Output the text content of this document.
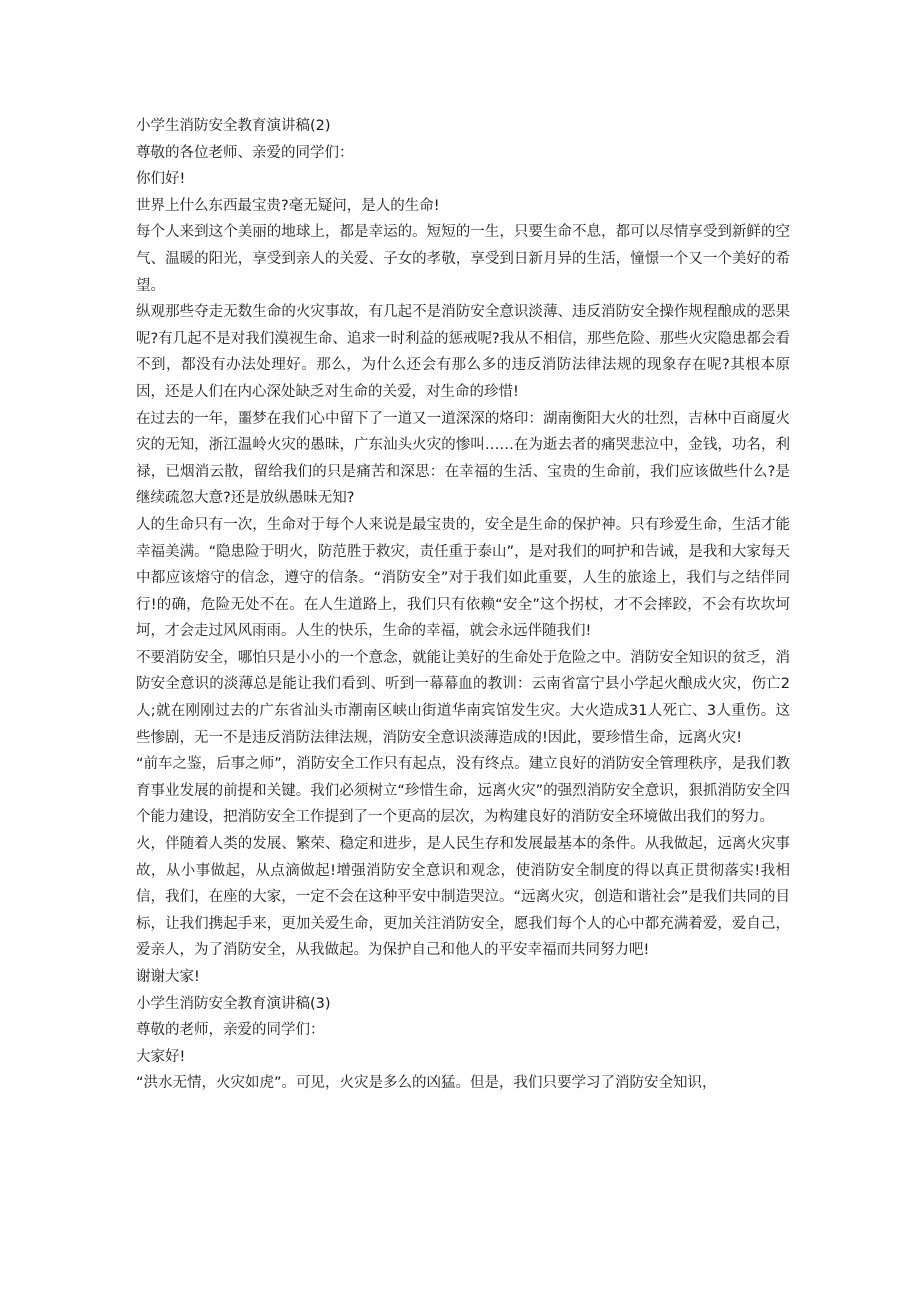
小学生消防安全教育演讲稿(2)

尊敬的各位老师、亲爱的同学们：

你们好!

世界上什么东西最宝贵?毫无疑问，是人的生命!

每个人来到这个美丽的地球上，都是幸运的。短短的一生，只要生命不息，都可以尽情享受到新鲜的空气、温暖的阳光，享受到亲人的关爱、子女的孝敬，享受到日新月异的生活，憧憬一个又一个美好的希望。

纵观那些夺走无数生命的火灾事故，有几起不是消防安全意识淡薄、违反消防安全操作规程酿成的恶果呢?有几起不是对我们漠视生命、追求一时利益的惩戒呢?我从不相信，那些危险、那些火灾隐患都会看不到，都没有办法处理好。那么，为什么还会有那么多的违反消防法律法规的现象存在呢?其根本原因，还是人们在内心深处缺乏对生命的关爱，对生命的珍惜!

在过去的一年，噩梦在我们心中留下了一道又一道深深的烙印：湖南衡阳大火的壮烈，吉林中百商厦火灾的无知，浙江温岭火灾的愚昧，广东汕头火灾的惨叫……在为逝去者的痛哭悲泣中，金钱，功名，利禄，已烟消云散，留给我们的只是痛苦和深思：在幸福的生活、宝贵的生命前，我们应该做些什么?是继续疏忽大意?还是放纵愚昧无知?

人的生命只有一次，生命对于每个人来说是最宝贵的，安全是生命的保护神。只有珍爱生命，生活才能幸福美满。“隐患险于明火，防范胜于救灾，责任重于泰山”，是对我们的呵护和告诫，是我和大家每天中都应该熔守的信念，遵守的信条。“消防安全”对于我们如此重要，人生的旅途上，我们与之结伴同行!的确，危险无处不在。在人生道路上，我们只有依赖“安全”这个拐杖，才不会摔跤，不会有坎坎坷坷，才会走过风风雨雨。人生的快乐，生命的幸福，就会永远伴随我们!

不要消防安全，哪怕只是小小的一个意念，就能让美好的生命处于危险之中。消防安全知识的贫乏，消防安全意识的淡薄总是能让我们看到、听到一幕幕血的教训：云南省富宁县小学起火酿成火灾，伤亡2人;就在刚刚过去的广东省汕头市潮南区峡山街道华南宾馆发生灾。大火造成31人死亡、3人重伤。这些惨剧，无一不是违反消防法律法规，消防安全意识淡薄造成的!因此，要珍惜生命，远离火灾!

“前车之鉴，后事之师”，消防安全工作只有起点，没有终点。建立良好的消防安全管理秩序，是我们教育事业发展的前提和关键。我们必须树立“珍惜生命，远离火灾”的强烈消防安全意识，狠抓消防安全四个能力建设，把消防安全工作提到了一个更高的层次，为构建良好的消防安全环境做出我们的努力。

火，伴随着人类的发展、繁荣、稳定和进步，是人民生存和发展最基本的条件。从我做起，远离火灾事故，从小事做起，从点滴做起!增强消防安全意识和观念，使消防安全制度的得以真正贯彻落实!我相信，我们，在座的大家，一定不会在这种平安中制造哭泣。“远离火灾，创造和谐社会”是我们共同的目标，让我们携起手来，更加关爱生命，更加关注消防安全，愿我们每个人的心中都充满着爱，爱自己，爱亲人，为了消防安全，从我做起。为保护自己和他人的平安幸福而共同努力吧!

谢谢大家!

小学生消防安全教育演讲稿(3)

尊敬的老师，亲爱的同学们：

大家好!

“洪水无情，火灾如虎”。可见，火灾是多么的凶猛。但是，我们只要学习了消防安全知识，
